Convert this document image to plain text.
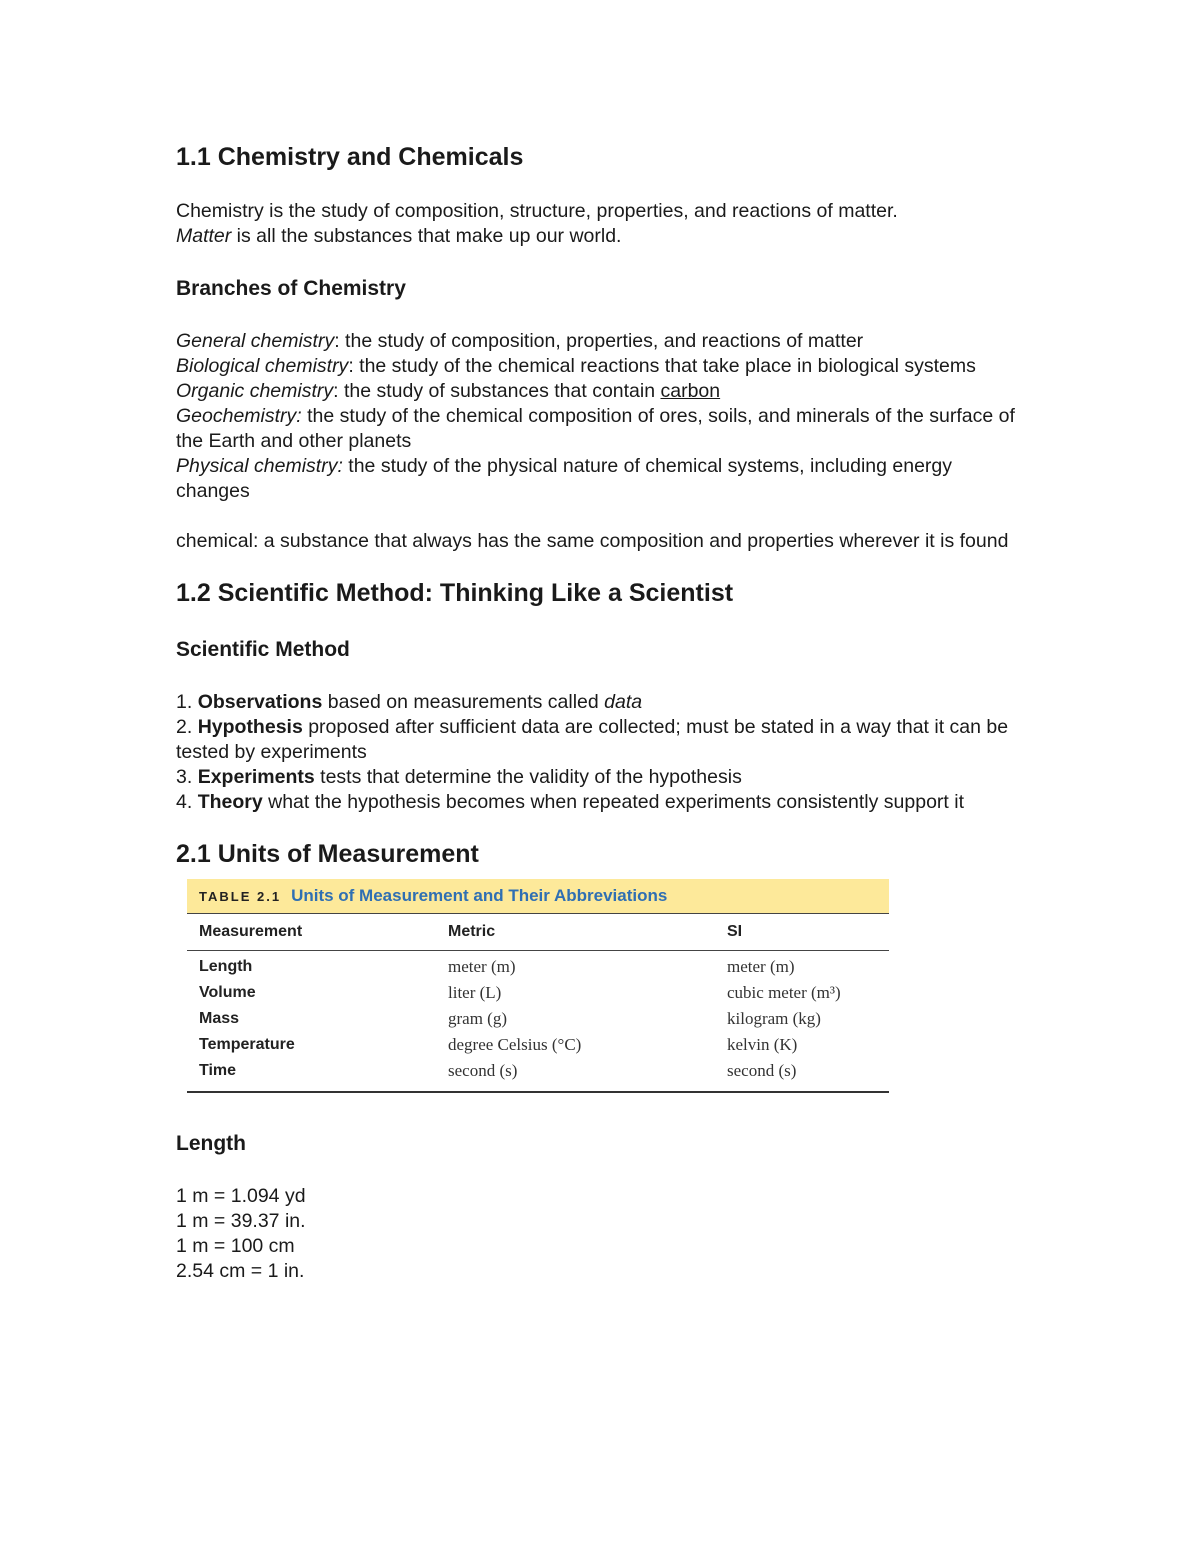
1.1 Chemistry and Chemicals

Chemistry is the study of composition, structure, properties, and reactions of matter.

Matter is all the substances that make up our world.

Branches of Chemistry

General chemistry: the study of composition, properties, and reactions of matter

Biological chemistry: the study of the chemical reactions that take place in biological systems

Organic chemistry: the study of substances that contain carbon

Geochemistry: the study of the chemical composition of ores, soils, and minerals of the surface of the Earth and other planets

Physical chemistry: the study of the physical nature of chemical systems, including energy changes

chemical: a substance that always has the same composition and properties wherever it is found

1.2 Scientific Method: Thinking Like a Scientist
Scientific Method

1. Observations based on measurements called data

2. Hypothesis proposed after sufficient data are collected; must be stated in a way that it can be tested by experiments

3. Experiments tests that determine the validity of the hypothesis

4. Theory what the hypothesis becomes when repeated experiments consistently support it

2.1 Units of Measurement
TABLE 2.1 Units of Measurement and Their Abbreviations
Measurement	Metric	SI
Length	meter (m)	meter (m)
Volume	liter (L)	cubic meter (m³)
Mass	gram (g)	kilogram (kg)
Temperature	degree Celsius (°C)	kelvin (K)
Time	second (s)	second (s)
Length

1 m = 1.094 yd

1 m = 39.37 in.

1 m = 100 cm

2.54 cm = 1 in.
